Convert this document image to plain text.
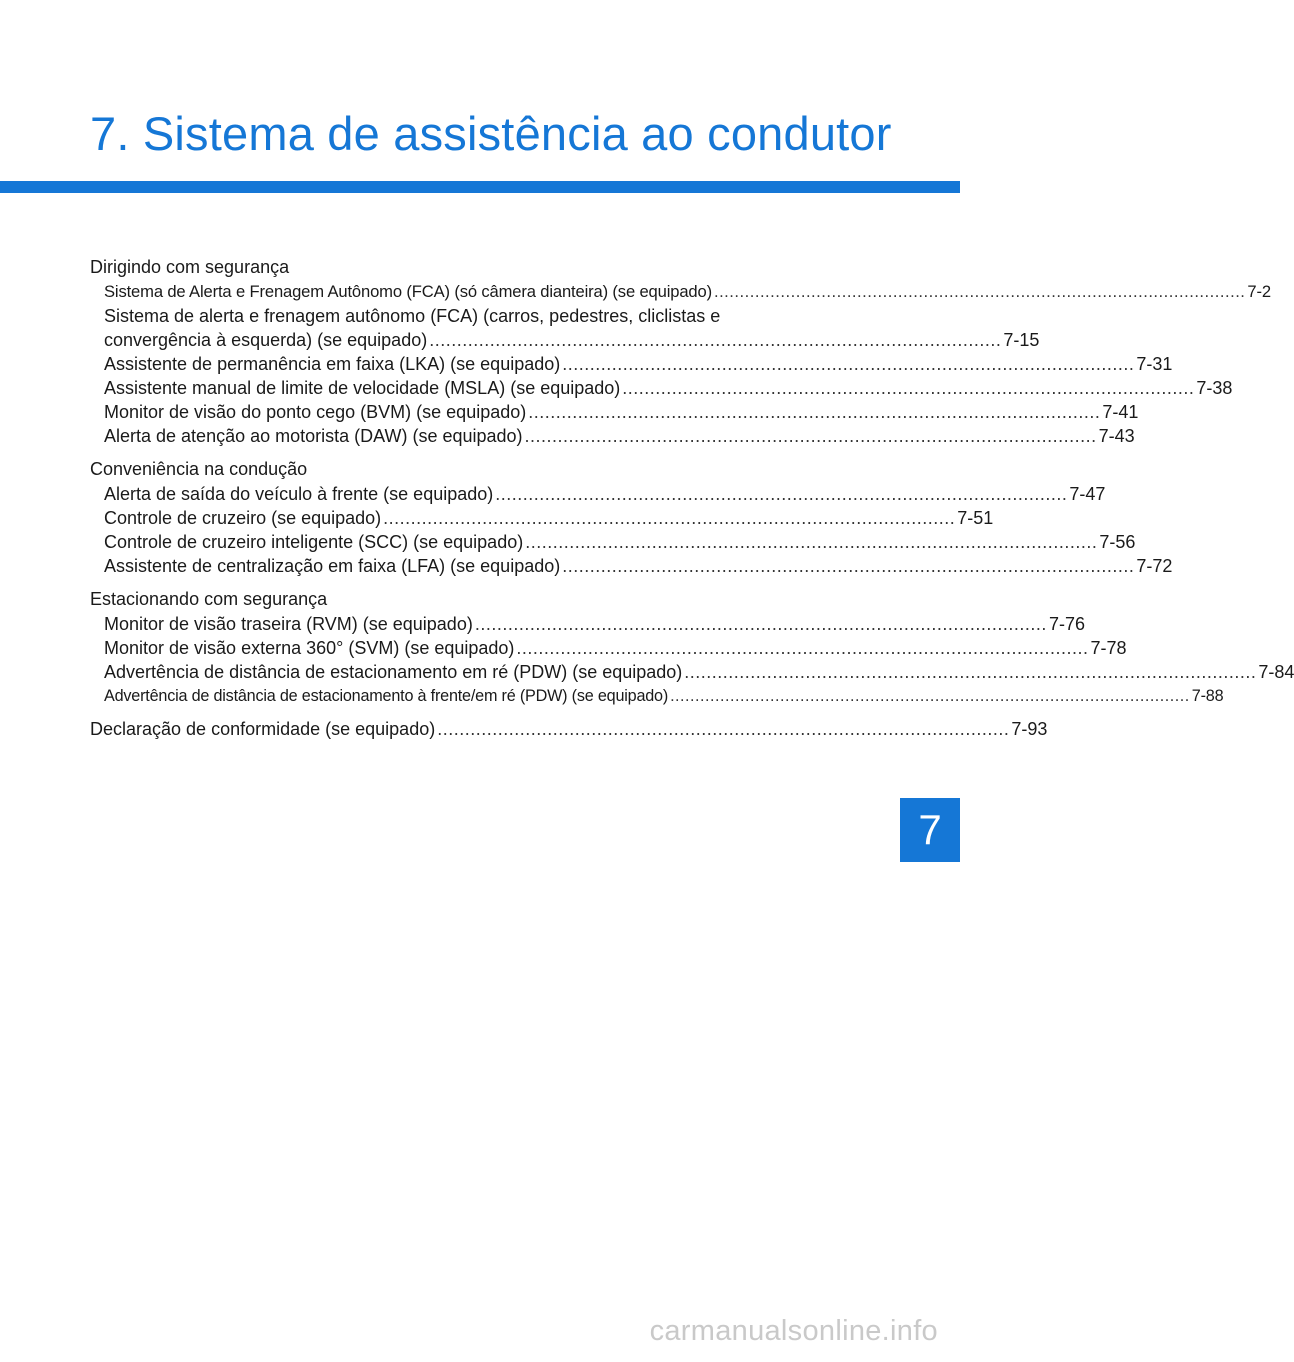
7. Sistema de assistência ao condutor
Dirigindo com segurança
Sistema de Alerta e Frenagem Autônomo (FCA) (só câmera dianteira) (se equipado) ........................................................................................................ 7-2
Sistema de alerta e frenagem autônomo (FCA) (carros, pedestres, cliclistas e
convergência à esquerda) (se equipado) ........................................................................................................ 7-15
Assistente de permanência em faixa (LKA) (se equipado) ........................................................................................................ 7-31
Assistente manual de limite de velocidade (MSLA) (se equipado) ........................................................................................................ 7-38
Monitor de visão do ponto cego (BVM) (se equipado) ........................................................................................................ 7-41
Alerta de atenção ao motorista (DAW) (se equipado) ........................................................................................................ 7-43
Conveniência na condução
Alerta de saída do veículo à frente (se equipado) ........................................................................................................ 7-47
Controle de cruzeiro (se equipado) ........................................................................................................ 7-51
Controle de cruzeiro inteligente (SCC) (se equipado) ........................................................................................................ 7-56
Assistente de centralização em faixa (LFA) (se equipado) ........................................................................................................ 7-72
Estacionando com segurança
Monitor de visão traseira (RVM) (se equipado) ........................................................................................................ 7-76
Monitor de visão externa 360° (SVM) (se equipado) ........................................................................................................ 7-78
Advertência de distância de estacionamento em ré (PDW) (se equipado) ........................................................................................................ 7-84
Advertência de distância de estacionamento à frente/em ré (PDW) (se equipado) ........................................................................................................ 7-88
Declaração de conformidade (se equipado) ........................................................................................................ 7-93
7
carmanualsonline.info
